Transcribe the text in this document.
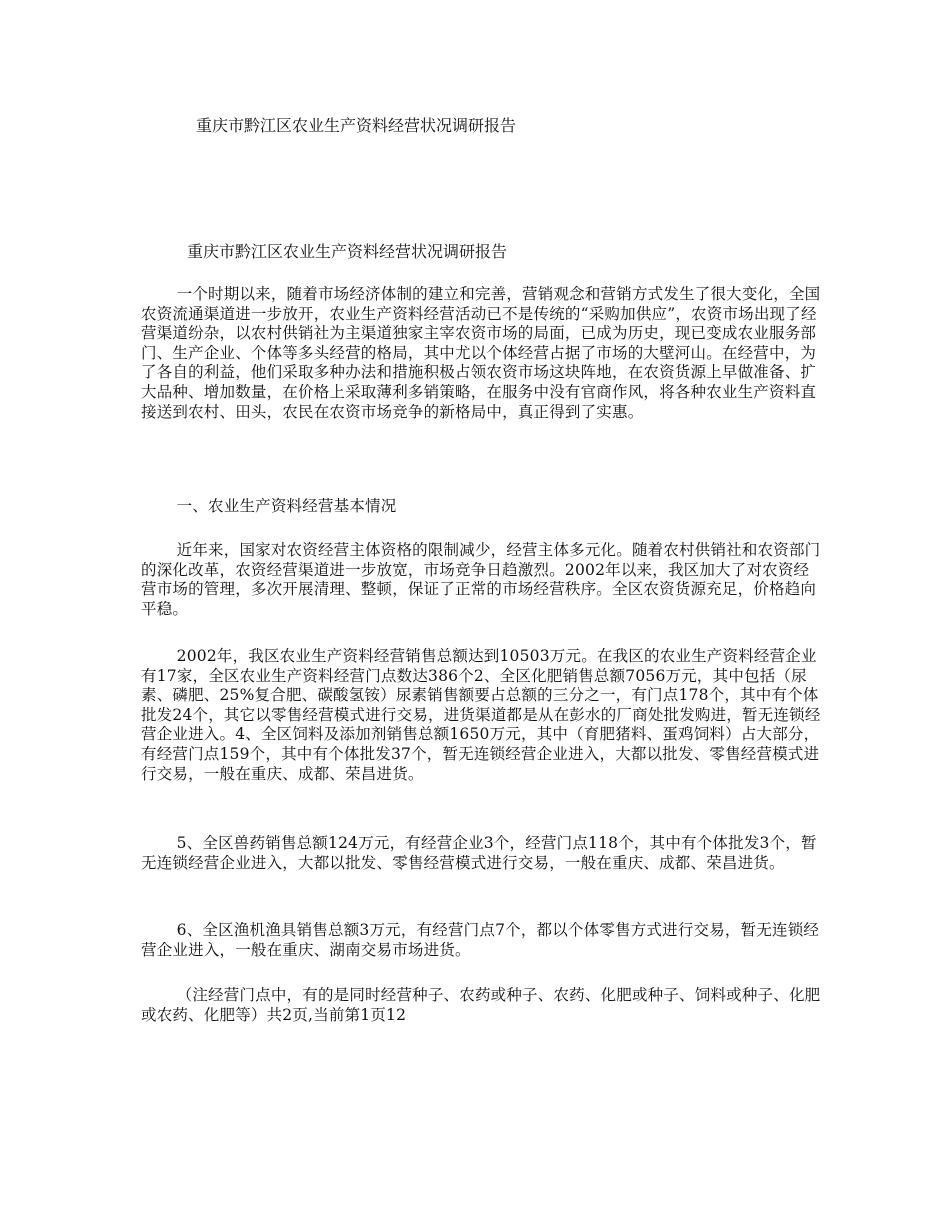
重庆市黔江区农业生产资料经营状况调研报告
重庆市黔江区农业生产资料经营状况调研报告

一个时期以来，随着市场经济体制的建立和完善，营销观念和营销方式发生了很大变化，全国农资流通渠道进一步放开，农业生产资料经营活动已不是传统的“采购加供应”，农资市场出现了经营渠道纷杂，以农村供销社为主渠道独家主宰农资市场的局面，已成为历史，现已变成农业服务部门、生产企业、个体等多头经营的格局，其中尤以个体经营占据了市场的大壁河山。在经营中，为了各自的利益，他们采取多种办法和措施积极占领农资市场这块阵地，在农资货源上早做准备、扩大品种、增加数量，在价格上采取薄利多销策略，在服务中没有官商作风，将各种农业生产资料直接送到农村、田头，农民在农资市场竞争的新格局中，真正得到了实惠。

一、农业生产资料经营基本情况

近年来，国家对农资经营主体资格的限制减少，经营主体多元化。随着农村供销社和农资部门的深化改革，农资经营渠道进一步放宽，市场竞争日趋激烈。2002年以来，我区加大了对农资经营市场的管理，多次开展清理、整顿，保证了正常的市场经营秩序。全区农资货源充足，价格趋向平稳。

2002年，我区农业生产资料经营销售总额达到10503万元。在我区的农业生产资料经营企业有17家，全区农业生产资料经营门点数达386个2、全区化肥销售总额7056万元，其中包括（尿素、磷肥、25%复合肥、碳酸氢铵）尿素销售额要占总额的三分之一，有门点178个，其中有个体批发24个，其它以零售经营模式进行交易，进货渠道都是从在彭水的厂商处批发购进，暂无连锁经营企业进入。4、全区饲料及添加剂销售总额1650万元，其中（育肥猪料、蛋鸡饲料）占大部分，有经营门点159个，其中有个体批发37个，暂无连锁经营企业进入，大都以批发、零售经营模式进行交易，一般在重庆、成都、荣昌进货。

5、全区兽药销售总额124万元，有经营企业3个，经营门点118个，其中有个体批发3个，暂无连锁经营企业进入，大都以批发、零售经营模式进行交易，一般在重庆、成都、荣昌进货。

6、全区渔机渔具销售总额3万元，有经营门点7个，都以个体零售方式进行交易，暂无连锁经营企业进入，一般在重庆、湖南交易市场进货。

（注经营门点中，有的是同时经营种子、农药或种子、农药、化肥或种子、饲料或种子、化肥或农药、化肥等）共2页,当前第1页12
